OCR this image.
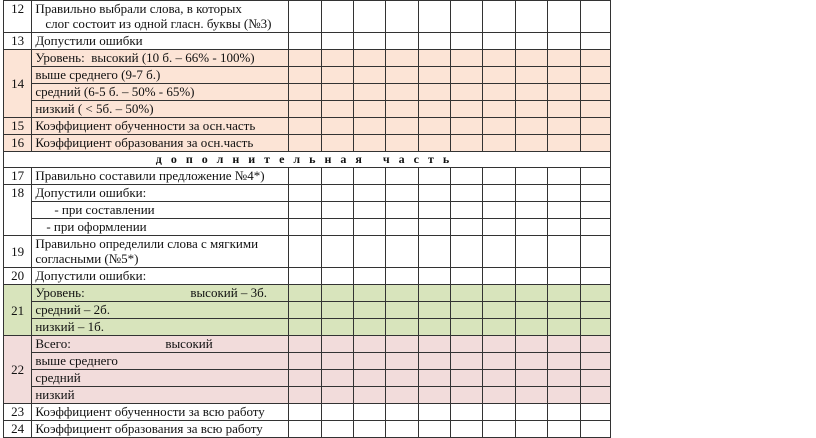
12	Правильно выбрали слова, в которых
слог состоит из одной гласн. буквы (№3)										

13	Допустили ошибки										
14	Уровень: высокий (10 б. – 66% - 100%)										
	выше среднего (9-7 б.)										
	средний (6-5 б. – 50% - 65%)										
	низкий ( < 5б. – 50%)										
15	Коэффициент обученности за осн.часть										
16	Коэффициент образования за осн.часть										
дополнительная часть											
17	Правильно составили предложение №4*)										
18	Допустили ошибки:										
	- при составлении										
	- при оформлении										
19	Правильно определили слова с мягкими
согласными (№5*)										

20	Допустили ошибки:										
21	Уровень: высокий – 3б.										

	средний – 2б.										
	низкий – 1б.										
22	Всего: высокий										

	выше среднего										
	средний										
	низкий										
23	Коэффициент обученности за всю работу										
24	Коэффициент образования за всю работу										
